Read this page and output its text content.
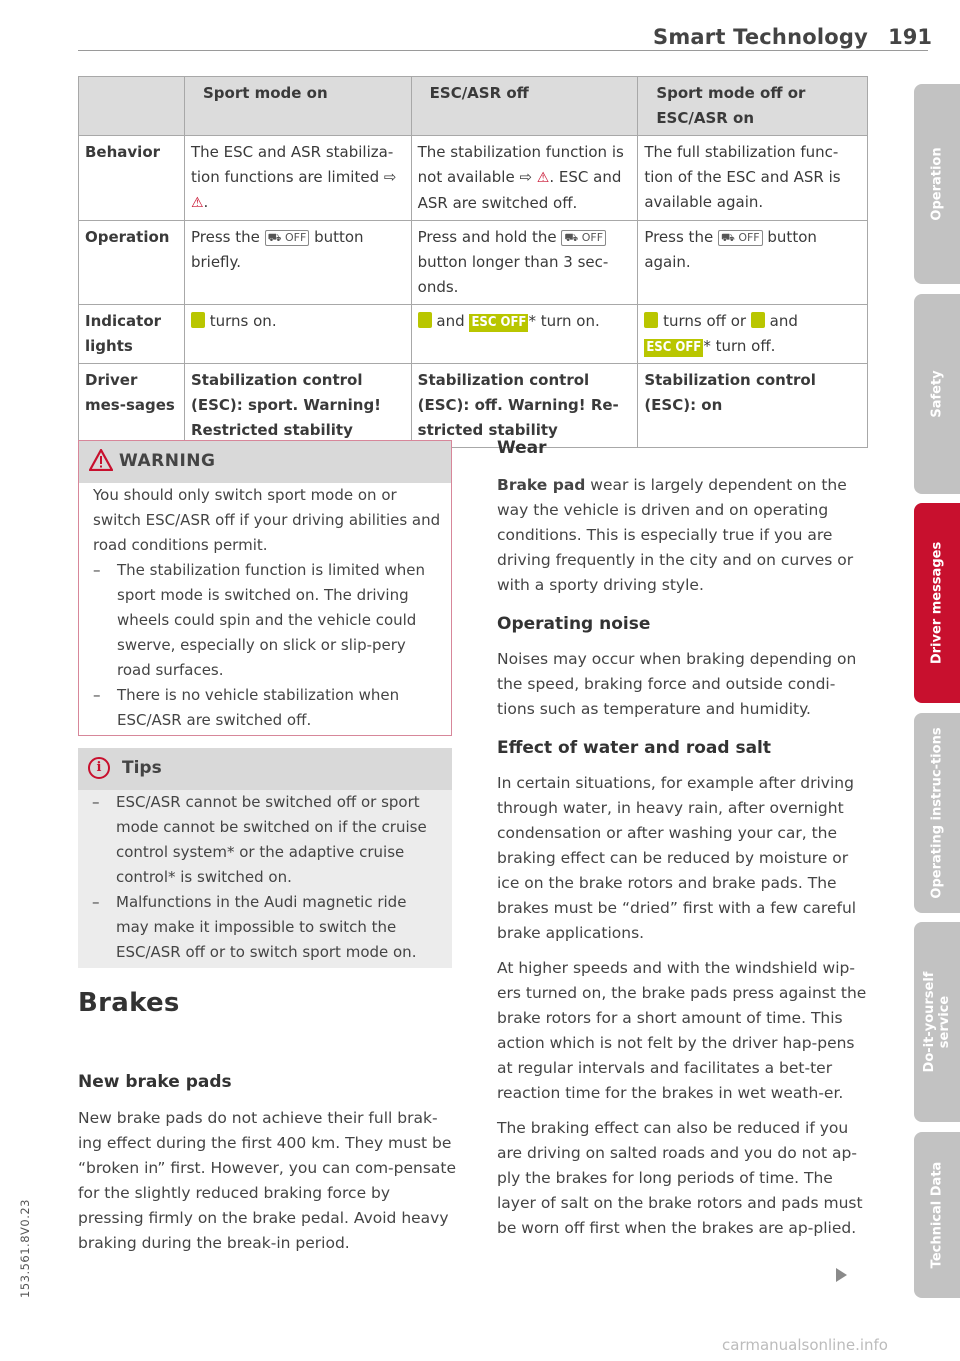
Smart Technology 191
	Sport mode on	ESC/ASR off	Sport mode off or ESC/ASR on
Behavior	The ESC and ASR stabiliza-tion functions are limited ⇨ ⚠.	The stabilization function is not available ⇨ ⚠. ESC and ASR are switched off.	The full stabilization func-tion of the ESC and ASR is available again.
Operation	Press the ⛟ OFF button briefly.	Press and hold the ⛟ OFF button longer than 3 sec-onds.	Press the ⛟ OFF button again.
Indicator lights	turns on.	and ESC OFF * turn on.	turns off or and
ESC OFF * turn off.
Driver mes-sages	Stabilization control (ESC): sport. Warning! Restricted stability	Stabilization control (ESC): off. Warning! Re-stricted stability	Stabilization control (ESC): on
WARNING
You should only switch sport mode on or switch ESC/ASR off if your driving abilities and road conditions permit.
– The stabilization function is limited when sport mode is switched on. The driving wheels could spin and the vehicle could swerve, especially on slick or slip-pery road surfaces.
– There is no vehicle stabilization when ESC/ASR are switched off.
i	Tips
– ESC/ASR cannot be switched off or sport mode cannot be switched on if the cruise control system* or the adaptive cruise control* is switched on.
– Malfunctions in the Audi magnetic ride may make it impossible to switch the ESC/ASR off or to switch sport mode on.
Brakes
New brake pads
New brake pads do not achieve their full brak-ing effect during the first 400 km. They must be “broken in” first. However, you can com-pensate for the slightly reduced braking force by pressing firmly on the brake pedal. Avoid heavy braking during the break-in period.
Wear

Brake pad wear is largely dependent on the way the vehicle is driven and on operating conditions. This is especially true if you are driving frequently in the city and on curves or with a sporty driving style.

Operating noise

Noises may occur when braking depending on the speed, braking force and outside condi-tions such as temperature and humidity.

Effect of water and road salt

In certain situations, for example after driving through water, in heavy rain, after overnight condensation or after washing your car, the braking effect can be reduced by moisture or ice on the brake rotors and brake pads. The brakes must be “dried” first with a few careful brake applications.

At higher speeds and with the windshield wip-ers turned on, the brake pads press against the brake rotors for a short amount of time. This action which is not felt by the driver hap-pens at regular intervals and facilitates a bet-ter reaction time for the brakes in wet weath-er.

The braking effect can also be reduced if you are driving on salted roads and you do not ap-ply the brakes for long periods of time. The layer of salt on the brake rotors and pads must be worn off first when the brakes are ap-plied.

Operation
Safety
Driver messages
Operating instruc-tions
Do-it-yourself service
Technical Data
153.561.8V0.23
carmanualsonline.info
